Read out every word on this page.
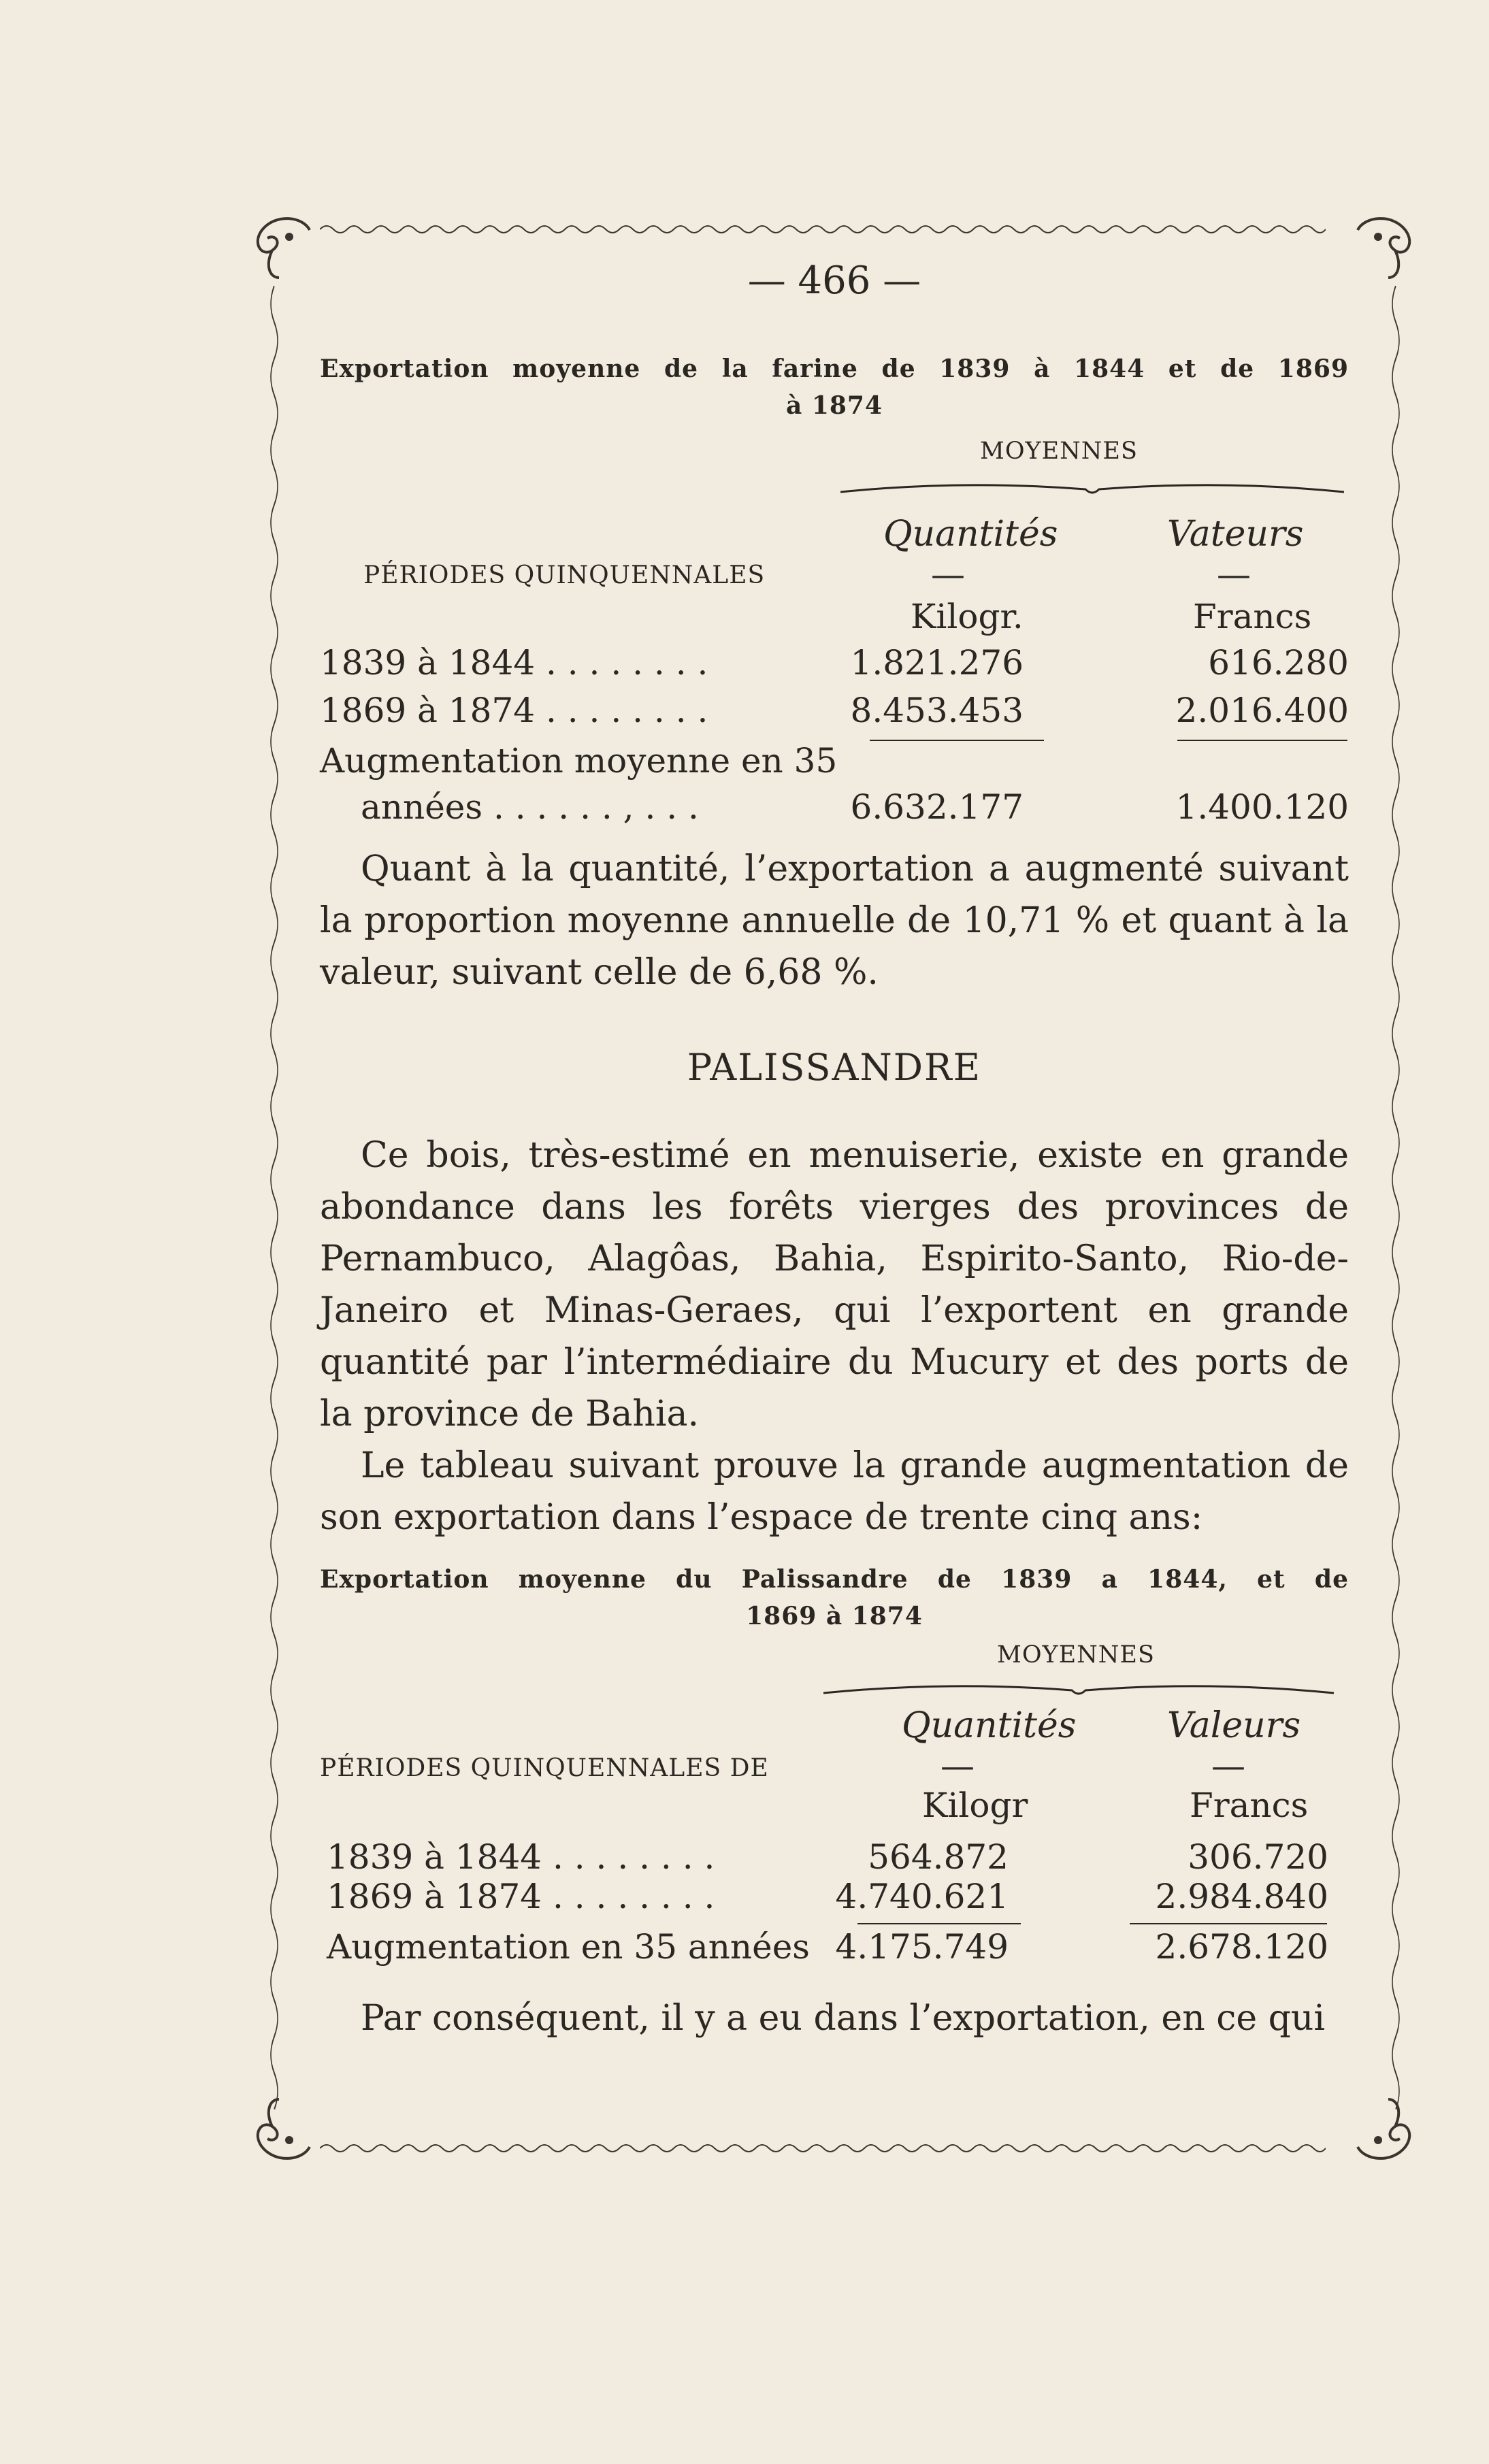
— 466 —
Exportation moyenne de la farine de 1839 à 1844 et de 1869
à 1874
MOYENNES
Quantités	Vateurs
—	—
PÉRIODES QUINQUENNALES
Kilogr.	Francs
1839 à 1844 . . . . . . . .	1.821.276	616.280
1869 à 1874 . . . . . . . .	8.453.453	2.016.400
Augmentation moyenne en 35
années . . . . . . , . . .	6.632.177	1.400.120

Quant à la quantité, l’exportation a augmenté suivant la proportion moyenne annuelle de 10,71 % et quant à la valeur, suivant celle de 6,68 %.

PALISSANDRE

Ce bois, très-estimé en menuiserie, existe en grande abondance dans les forêts vierges des provinces de Pernambuco, Alagôas, Bahia, Espirito-Santo, Rio-de-Janeiro et Minas-Geraes, qui l’exportent en grande quantité par l’intermédiaire du Mucury et des ports de la province de Bahia.

Le tableau suivant prouve la grande augmentation de son exportation dans l’espace de trente cinq ans:

Exportation moyenne du Palissandre de 1839 a 1844, et de
1869 à 1874
MOYENNES
Quantités	Valeurs
—	—
PÉRIODES QUINQUENNALES DE
Kilogr	Francs
1839 à 1844 . . . . . . . .	564.872	306.720
1869 à 1874 . . . . . . . .	4.740.621	2.984.840
Augmentation en 35 années 4.175.749	2.678.120

Par conséquent, il y a eu dans l’exportation, en ce qui
